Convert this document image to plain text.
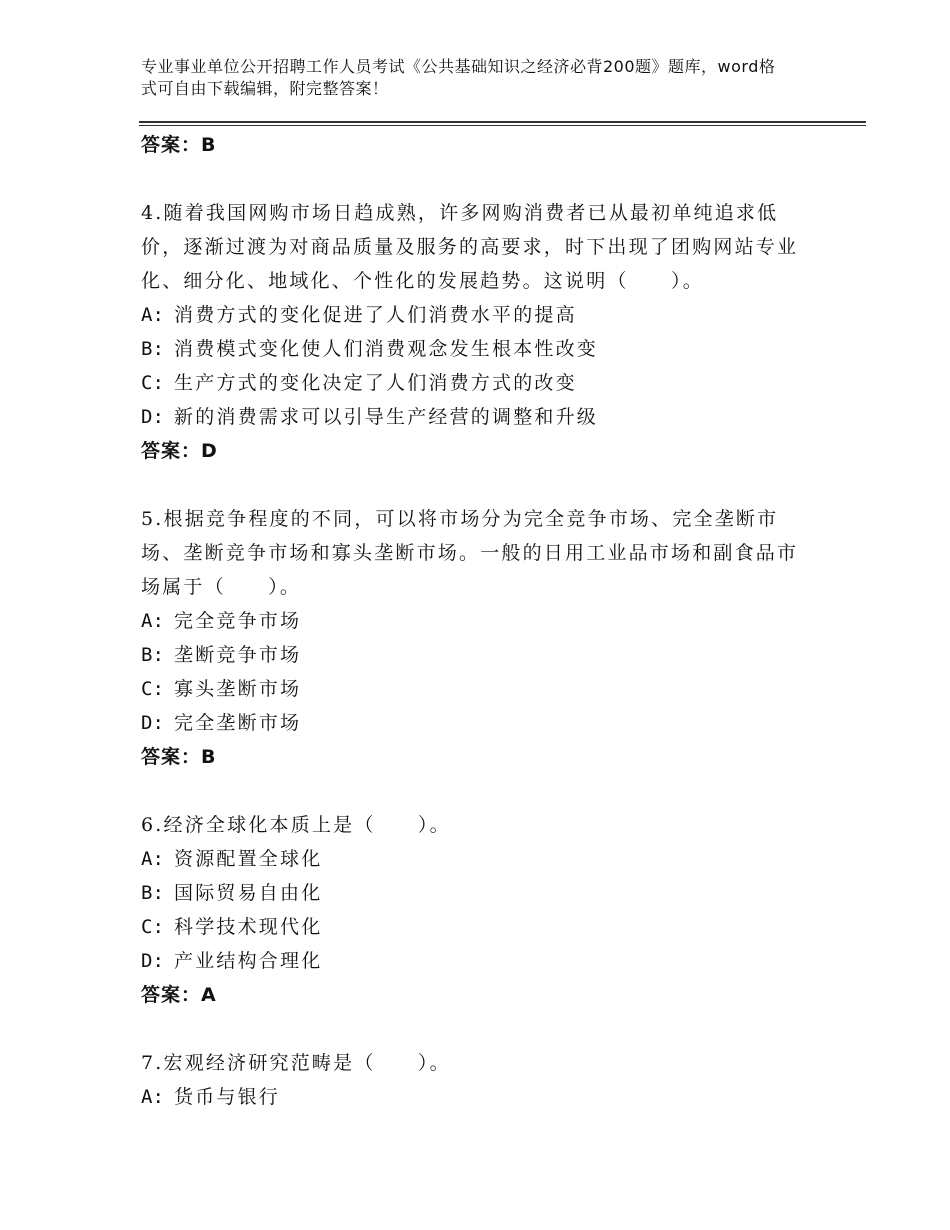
专业事业单位公开招聘工作人员考试《公共基础知识之经济必背200题》题库，word格式可自由下载编辑，附完整答案！
答案：B
4.随着我国网购市场日趋成熟，许多网购消费者已从最初单纯追求低价，逐渐过渡为对商品质量及服务的高要求，时下出现了团购网站专业化、细分化、地域化、个性化的发展趋势。这说明（　　）。
A: 消费方式的变化促进了人们消费水平的提高
B: 消费模式变化使人们消费观念发生根本性改变
C: 生产方式的变化决定了人们消费方式的改变
D: 新的消费需求可以引导生产经营的调整和升级
答案：D
5.根据竞争程度的不同，可以将市场分为完全竞争市场、完全垄断市场、垄断竞争市场和寡头垄断市场。一般的日用工业品市场和副食品市场属于（　　）。
A: 完全竞争市场
B: 垄断竞争市场
C: 寡头垄断市场
D: 完全垄断市场
答案：B
6.经济全球化本质上是（　　）。
A: 资源配置全球化
B: 国际贸易自由化
C: 科学技术现代化
D: 产业结构合理化
答案：A
7.宏观经济研究范畴是（　　）。
A: 货币与银行
